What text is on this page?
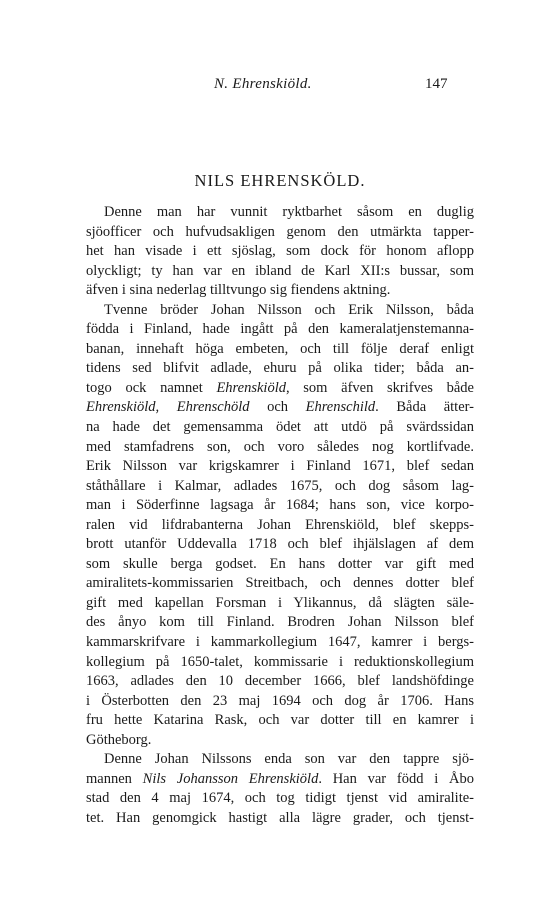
N. Ehrenskiöld.	147
NILS EHRENSKÖLD.
Denne man har vunnit ryktbarhet såsom en duglig
sjöofficer och hufvudsakligen genom den utmärkta tapper-
het han visade i ett sjöslag, som dock för honom aflopp
olyckligt; ty han var en ibland de Karl XII:s bussar, som
äfven i sina nederlag tilltvungo sig fiendens aktning.
Tvenne bröder Johan Nilsson och Erik Nilsson, båda
födda i Finland, hade ingått på den kameralatjenstemanna-
banan, innehaft höga embeten, och till följe deraf enligt
tidens sed blifvit adlade, ehuru på olika tider; båda an-
togo ock namnet Ehrenskiöld, som äfven skrifves både
Ehrenskiöld, Ehrenschöld och Ehrenschild. Båda ätter-
na hade det gemensamma ödet att utdö på svärdssidan
med stamfadrens son, och voro således nog kortlifvade.
Erik Nilsson var krigskamrer i Finland 1671, blef sedan
ståthållare i Kalmar, adlades 1675, och dog såsom lag-
man i Söderfinne lagsaga år 1684; hans son, vice korpo-
ralen vid lifdrabanterna Johan Ehrenskiöld, blef skepps-
brott utanför Uddevalla 1718 och blef ihjälslagen af dem
som skulle berga godset. En hans dotter var gift med
amiralitets-kommissarien Streitbach, och dennes dotter blef
gift med kapellan Forsman i Ylikannus, då slägten säle-
des ånyo kom till Finland. Brodren Johan Nilsson blef
kammarskrifvare i kammarkollegium 1647, kamrer i bergs-
kollegium på 1650-talet, kommissarie i reduktionskollegium
1663, adlades den 10 december 1666, blef landshöfdinge
i Österbotten den 23 maj 1694 och dog år 1706. Hans
fru hette Katarina Rask, och var dotter till en kamrer i
Götheborg.
Denne Johan Nilssons enda son var den tappre sjö-
mannen Nils Johansson Ehrenskiöld. Han var född i Åbo
stad den 4 maj 1674, och tog tidigt tjenst vid amiralite-
tet. Han genomgick hastigt alla lägre grader, och tjenst-
